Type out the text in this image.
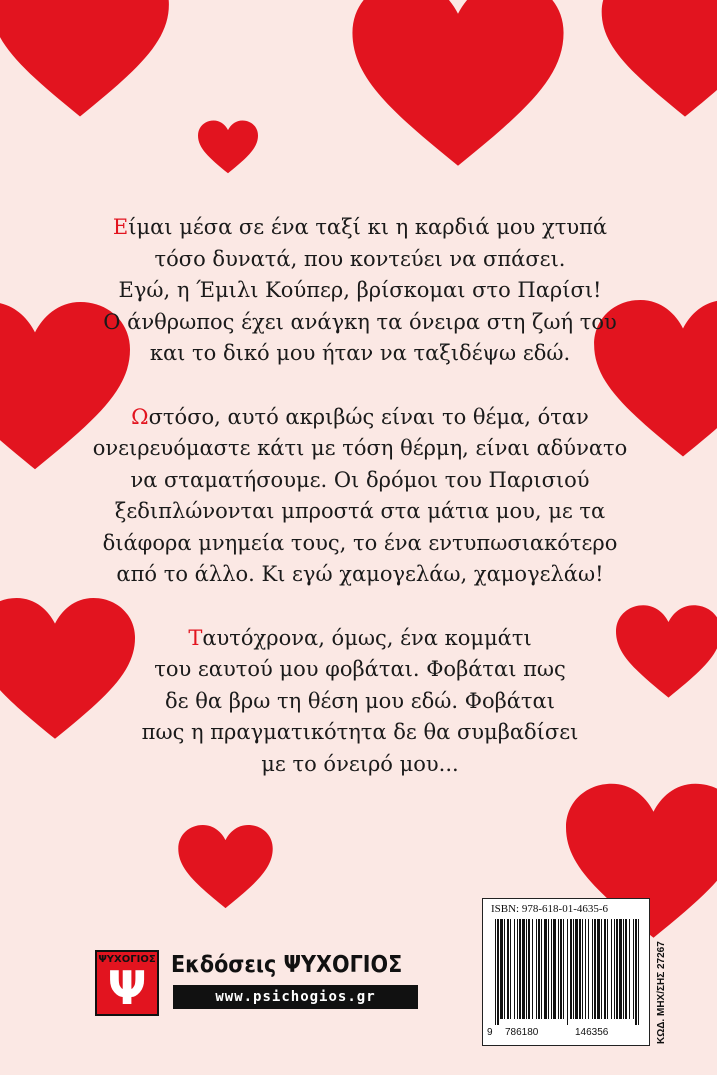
Είμαι μέσα σε ένα ταξί κι η καρδιά μου χτυπά
τόσο δυνατά, που κοντεύει να σπάσει.
Εγώ, η Έμιλι Κούπερ, βρίσκομαι στο Παρίσι!
Ο άνθρωπος έχει ανάγκη τα όνειρα στη ζωή του
και το δικό μου ήταν να ταξιδέψω εδώ.

Ωστόσο, αυτό ακριβώς είναι το θέμα, όταν
ονειρευόμαστε κάτι με τόση θέρμη, είναι αδύνατο
να σταματήσουμε. Οι δρόμοι του Παρισιού
ξεδιπλώνονται μπροστά στα μάτια μου, με τα
διάφορα μνημεία τους, το ένα εντυπωσιακότερο
από το άλλο. Κι εγώ χαμογελάω, χαμογελάω!

Ταυτόχρονα, όμως, ένα κομμάτι
του εαυτού μου φοβάται. Φοβάται πως
δε θα βρω τη θέση μου εδώ. Φοβάται
πως η πραγματικότητα δε θα συμβαδίσει
με το όνειρό μου...

ΨΥΧΟΓΙΟΣ
Ψ	Εκδόσεις ΨΥΧΟΓΙΟΣ
www.psichogios.gr
ISBN: 978-618-01-4635-6
9 786180	146356	ΚΩΔ. ΜΗΧ/ΣΗΣ 27267
